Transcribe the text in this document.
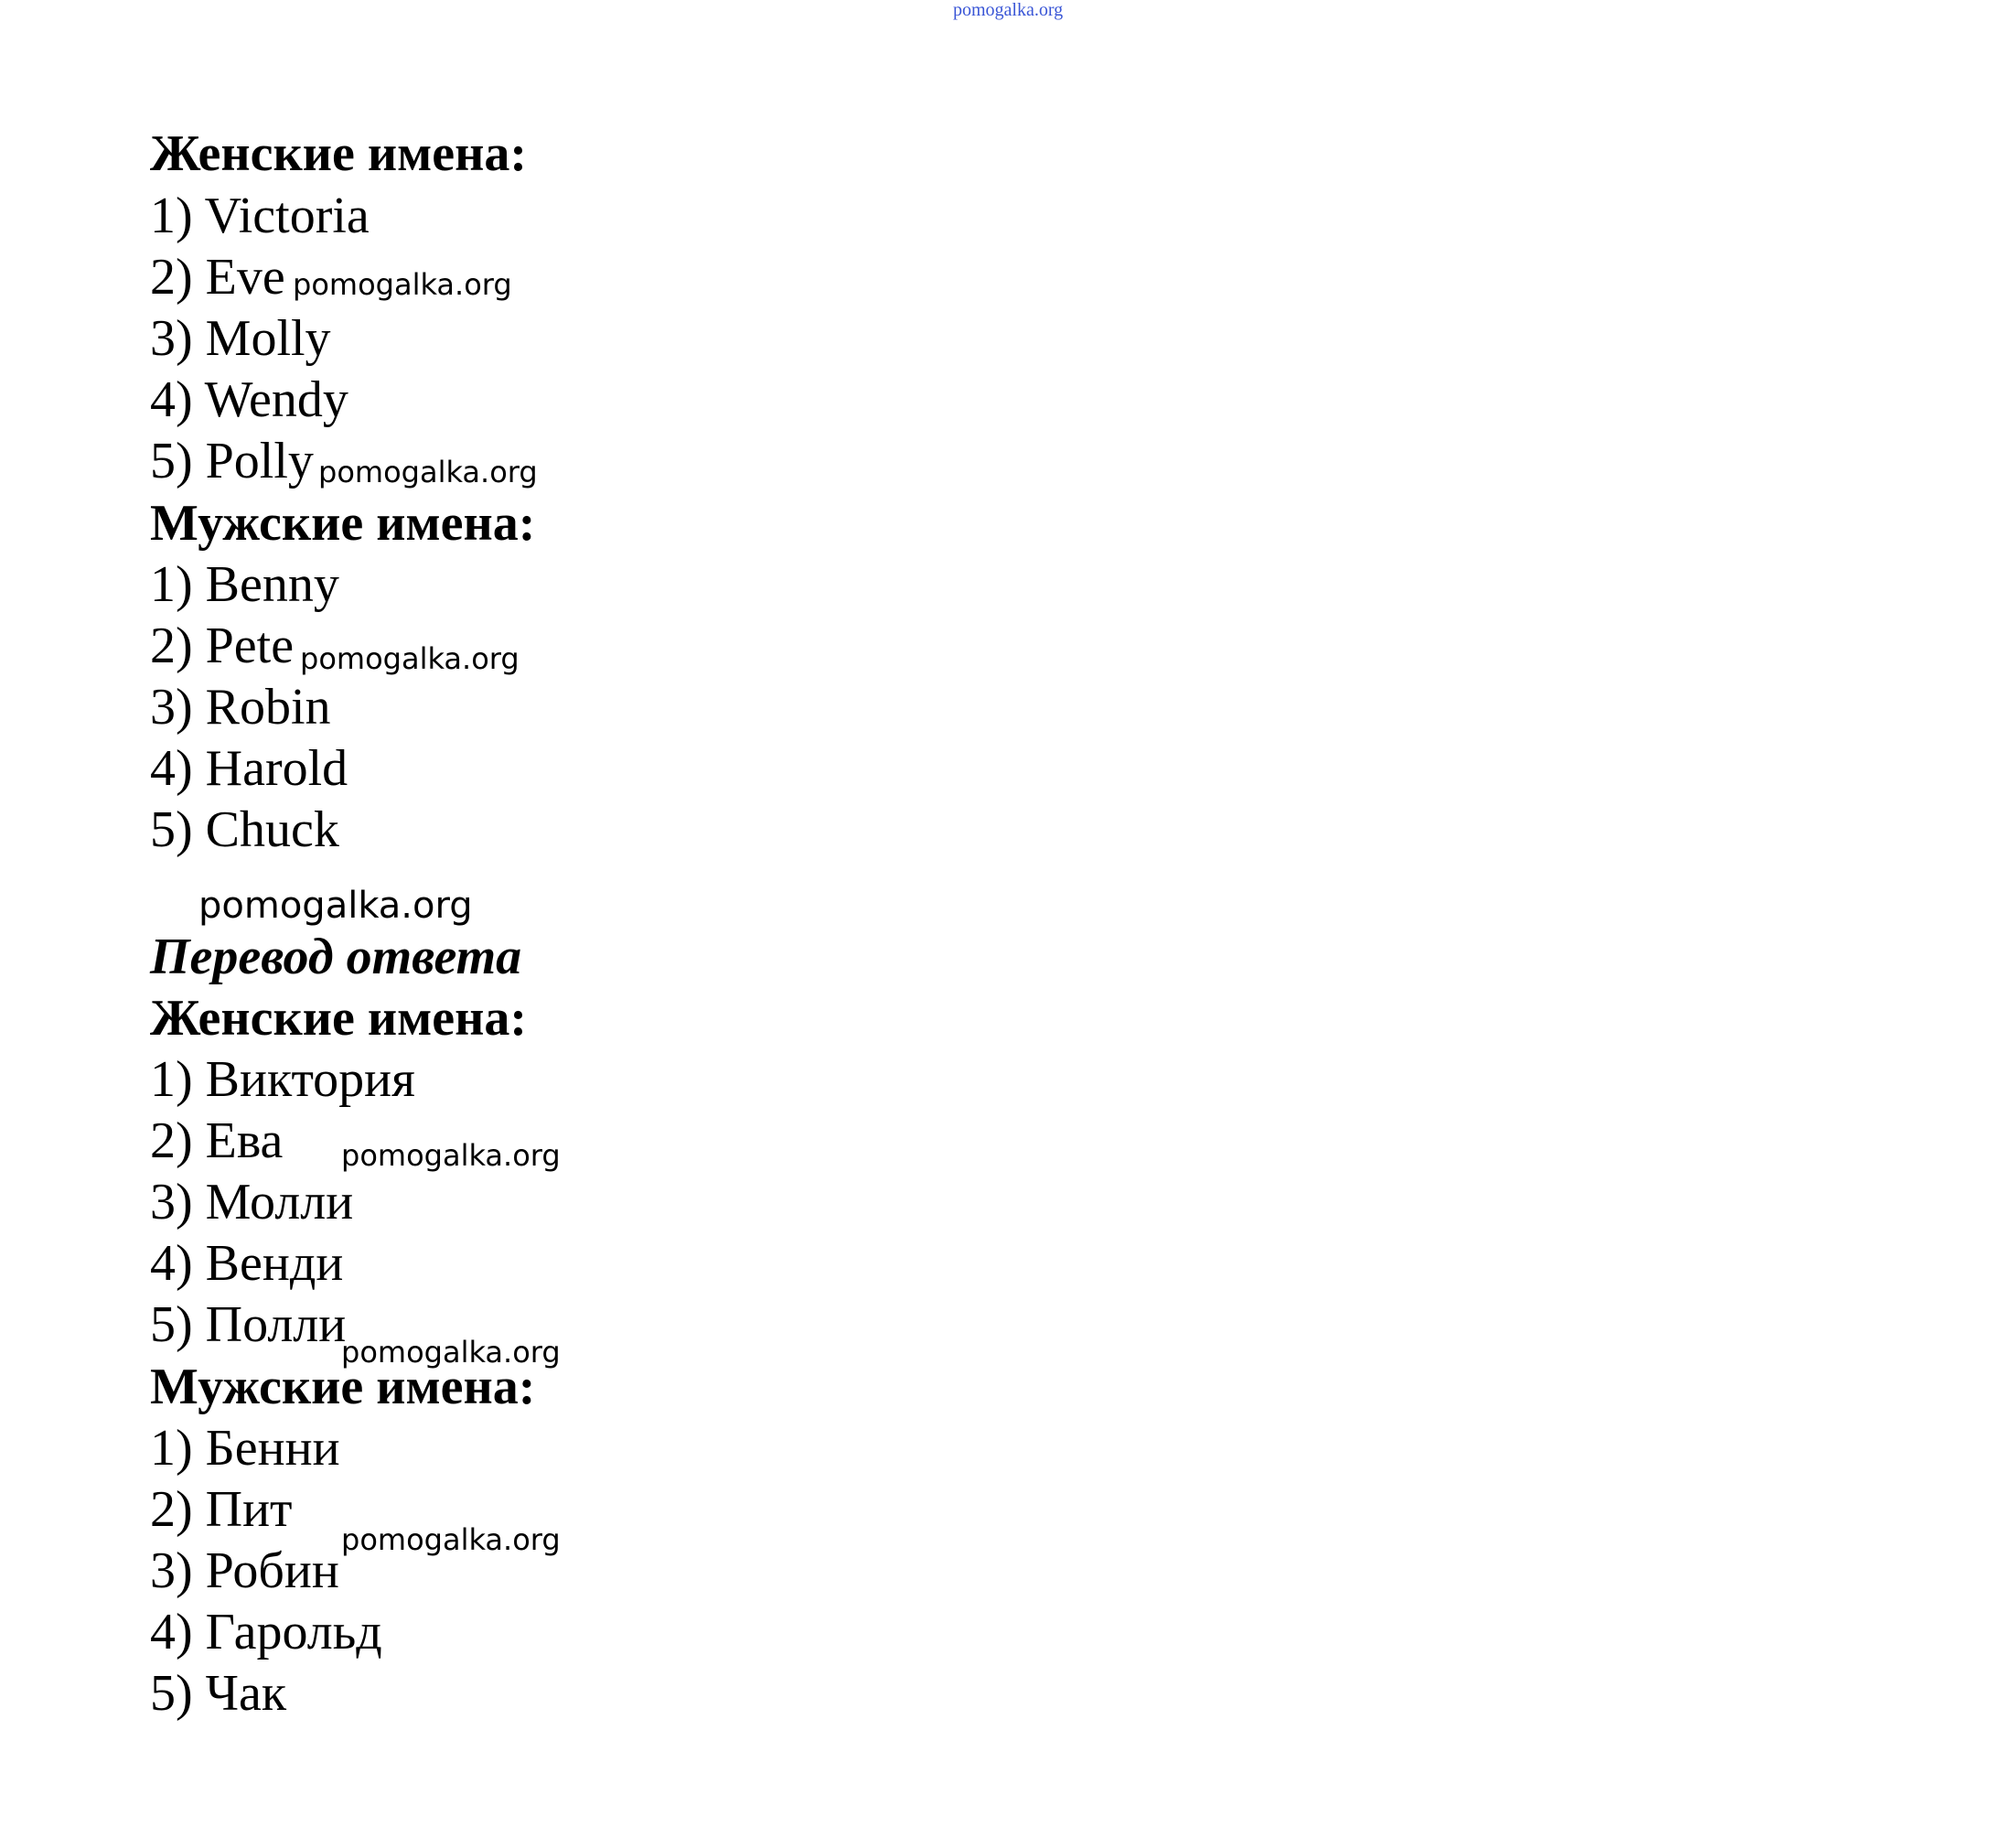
pomogalka.org
Женские имена:
1) Victoria
2) Eve pomogalka.org
3) Molly
4) Wendy
5) Polly pomogalka.org
Мужские имена:
1) Benny
2) Pete pomogalka.org
3) Robin
4) Harold
5) Chuck
pomogalka.org
Перевод ответа
Женские имена:
1) Виктория
2) Ева pomogalka.org
3) Молли
4) Венди
5) Полли
pomogalka.org
Мужские имена:
1) Бенни
2) Пит
pomogalka.org
3) Робин
4) Гарольд
5) Чак
